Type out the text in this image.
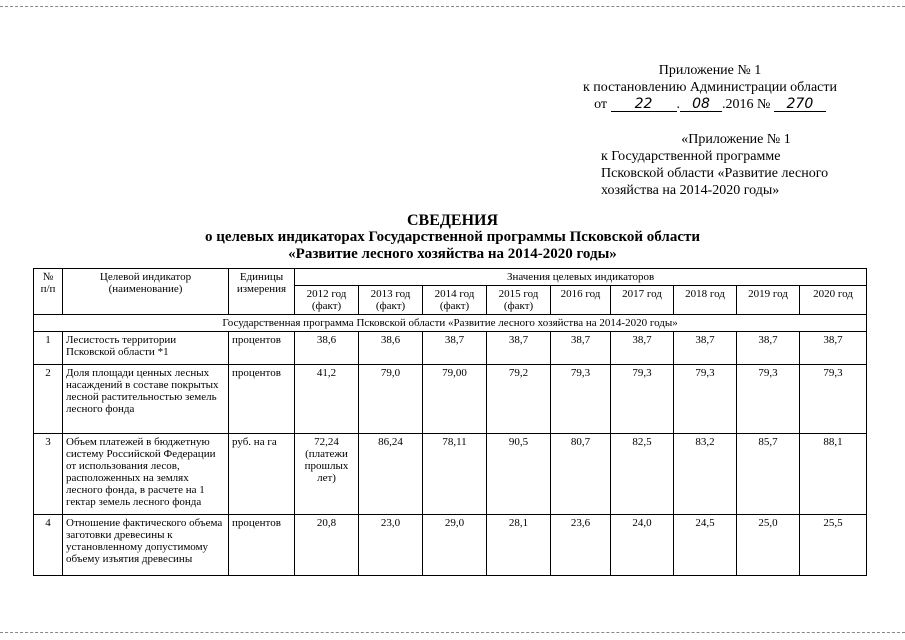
Приложение № 1
к постановлению Администрации области
от 22 . 08 .2016 № 270
«Приложение № 1
к Государственной программе
Псковской области «Развитие лесного
хозяйства на 2014-2020 годы»
СВЕДЕНИЯ
о целевых индикаторах Государственной программы Псковской области
«Развитие лесного хозяйства на 2014-2020 годы»
№ п/п	Целевой индикатор (наименование)	Единицы измерения	Значения целевых индикаторов								
			2012 год (факт)	2013 год (факт)	2014 год (факт)	2015 год (факт)	2016 год	2017 год	2018 год	2019 год	2020 год
Государственная программа Псковской области «Развитие лесного хозяйства на 2014-2020 годы»											
1	Лесистость территории Псковской области *1	процентов	38,6	38,6	38,7	38,7	38,7	38,7	38,7	38,7	38,7
2	Доля площади ценных лесных насаждений в составе покрытых лесной растительностью земель лесного фонда	процентов	41,2	79,0	79,00	79,2	79,3	79,3	79,3	79,3	79,3
3	Объем платежей в бюджетную систему Российской Федерации от использования лесов, расположенных на землях лесного фонда, в расчете на 1 гектар земель лесного фонда	руб. на га	72,24 (платежи прошлых лет)	86,24	78,11	90,5	80,7	82,5	83,2	85,7	88,1
4	Отношение фактического объема заготовки древесины к установленному допустимому объему изъятия древесины	процентов	20,8	23,0	29,0	28,1	23,6	24,0	24,5	25,0	25,5
